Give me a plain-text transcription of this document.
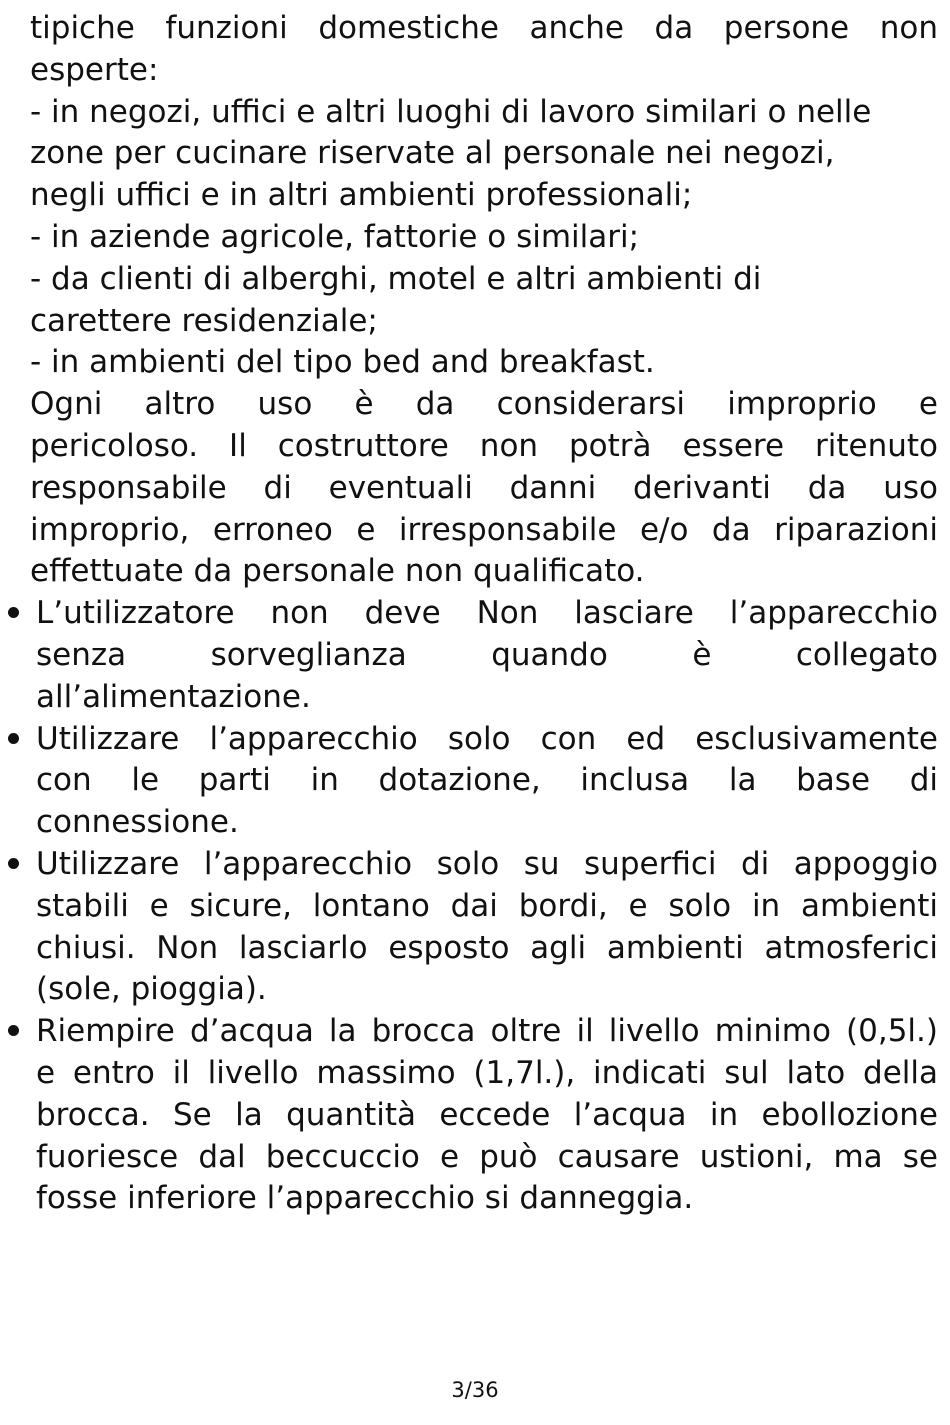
tipiche funzioni domestiche anche da persone non
esperte:
- in negozi, uffici e altri luoghi di lavoro similari o nelle
zone per cucinare riservate al personale nei negozi,
negli uffici e in altri ambienti professionali;
- in aziende agricole, fattorie o similari;
- da clienti di alberghi, motel e altri ambienti di
carettere residenziale;
- in ambienti del tipo bed and breakfast.
Ogni altro uso è da considerarsi improprio e
pericoloso. Il costruttore non potrà essere ritenuto
responsabile di eventuali danni derivanti da uso
improprio, erroneo e irresponsabile e/o da riparazioni
effettuate da personale non qualificato.
L’utilizzatore non deve Non lasciare l’apparecchio
senza sorveglianza quando è collegato
all’alimentazione.
Utilizzare l’apparecchio solo con ed esclusivamente
con le parti in dotazione, inclusa la base di
connessione.
Utilizzare l’apparecchio solo su superfici di appoggio
stabili e sicure, lontano dai bordi, e solo in ambienti
chiusi. Non lasciarlo esposto agli ambienti atmosferici
(sole, pioggia).
Riempire d’acqua la brocca oltre il livello minimo (0,5l.)
e entro il livello massimo (1,7l.), indicati sul lato della
brocca. Se la quantità eccede l’acqua in ebollozione
fuoriesce dal beccuccio e può causare ustioni, ma se
fosse inferiore l’apparecchio si danneggia.
3/36
